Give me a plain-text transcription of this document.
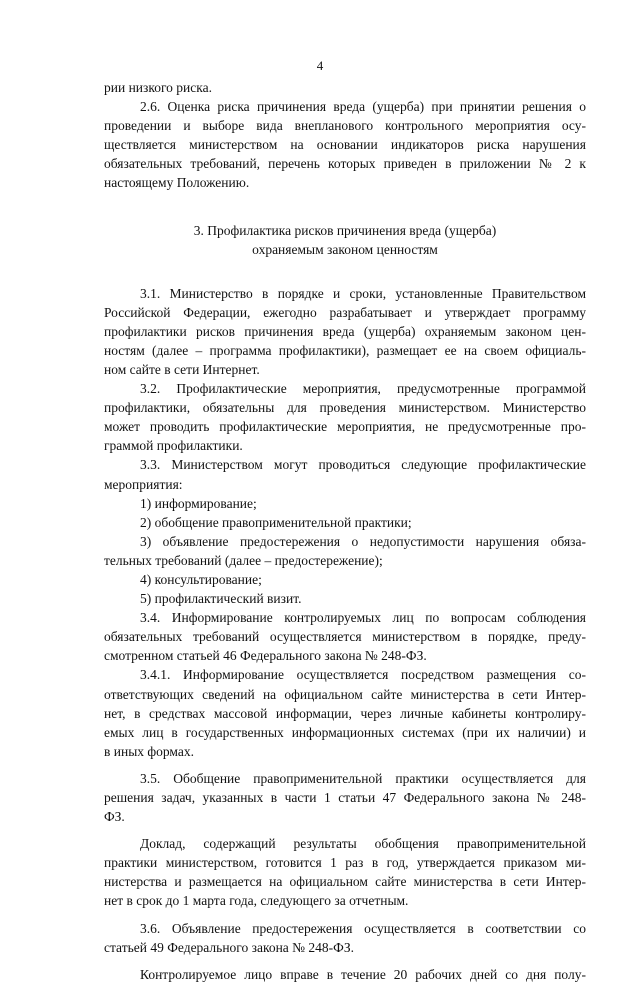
4

рии низкого риска.

2.6. Оценка риска причинения вреда (ущерба) при принятии решения о
проведении и выборе вида внепланового контрольного мероприятия осу-
ществляется министерством на основании индикаторов риска нарушения
обязательных требований, перечень которых приведен в приложении № 2 к
настоящему Положению.

3. Профилактика рисков причинения вреда (ущерба)
охраняемым законом ценностям

3.1. Министерство в порядке и сроки, установленные Правительством
Российской Федерации, ежегодно разрабатывает и утверждает программу
профилактики рисков причинения вреда (ущерба) охраняемым законом цен-
ностям (далее – программа профилактики), размещает ее на своем официаль-
ном сайте в сети Интернет.

3.2. Профилактические мероприятия, предусмотренные программой
профилактики, обязательны для проведения министерством. Министерство
может проводить профилактические мероприятия, не предусмотренные про-
граммой профилактики.

3.3. Министерством могут проводиться следующие профилактические
мероприятия:

1) информирование;

2) обобщение правоприменительной практики;

3) объявление предостережения о недопустимости нарушения обяза-
тельных требований (далее – предостережение);

4) консультирование;

5) профилактический визит.

3.4. Информирование контролируемых лиц по вопросам соблюдения
обязательных требований осуществляется министерством в порядке, преду-
смотренном статьей 46 Федерального закона № 248-ФЗ.

3.4.1. Информирование осуществляется посредством размещения со-
ответствующих сведений на официальном сайте министерства в сети Интер-
нет, в средствах массовой информации, через личные кабинеты контролиру-
емых лиц в государственных информационных системах (при их наличии) и
в иных формах.

3.5. Обобщение правоприменительной практики осуществляется для
решения задач, указанных в части 1 статьи 47 Федерального закона № 248-
ФЗ.

Доклад, содержащий результаты обобщения правоприменительной
практики министерством, готовится 1 раз в год, утверждается приказом ми-
нистерства и размещается на официальном сайте министерства в сети Интер-
нет в срок до 1 марта года, следующего за отчетным.

3.6. Объявление предостережения осуществляется в соответствии со
статьей 49 Федерального закона № 248-ФЗ.

Контролируемое лицо вправе в течение 20 рабочих дней со дня полу-
